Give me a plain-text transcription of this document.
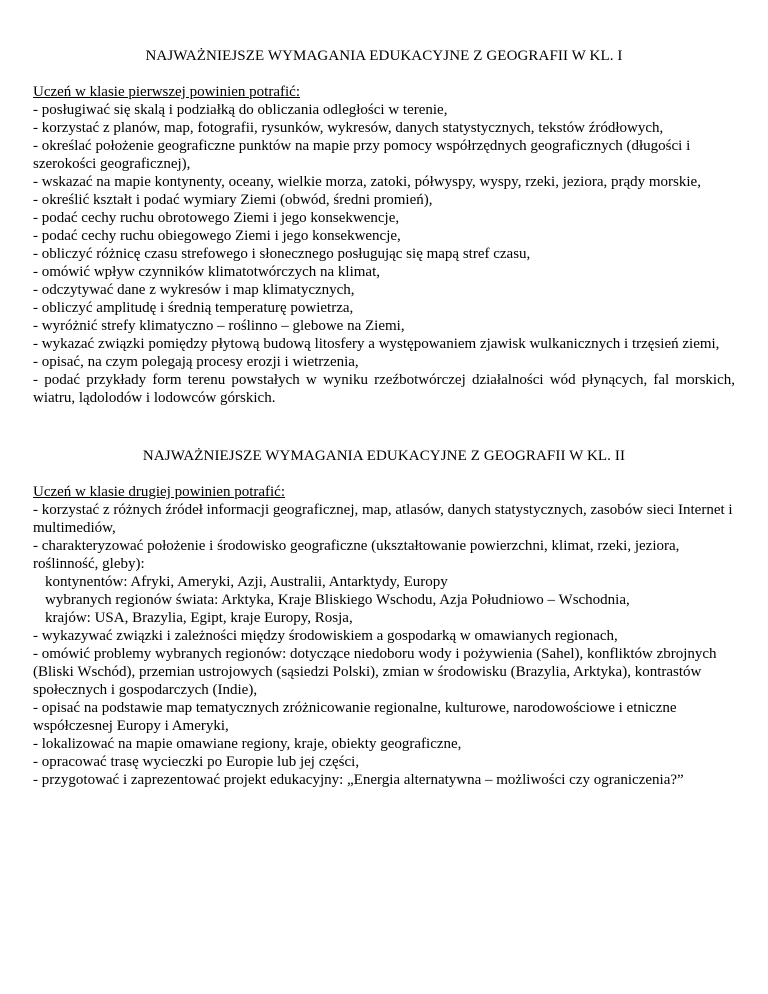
NAJWAŻNIEJSZE WYMAGANIA EDUKACYJNE Z GEOGRAFII W KL. I
Uczeń w klasie pierwszej powinien potrafić:
- posługiwać się skalą i podziałką do obliczania odległości w terenie,
- korzystać z planów, map, fotografii, rysunków, wykresów, danych statystycznych, tekstów źródłowych,
- określać położenie geograficzne punktów na mapie przy pomocy współrzędnych geograficznych (długości i szerokości geograficznej),
- wskazać na mapie kontynenty, oceany, wielkie morza, zatoki, półwyspy, wyspy, rzeki, jeziora, prądy morskie,
- określić kształt i podać wymiary Ziemi (obwód, średni promień),
- podać cechy ruchu obrotowego Ziemi i jego konsekwencje,
- podać cechy ruchu obiegowego Ziemi i jego konsekwencje,
- obliczyć różnicę czasu strefowego i słonecznego posługując się mapą stref czasu,
- omówić wpływ czynników klimatotwórczych na klimat,
- odczytywać dane z wykresów i map klimatycznych,
- obliczyć amplitudę i średnią temperaturę powietrza,
- wyróżnić strefy klimatyczno – roślinno – glebowe na Ziemi,
- wykazać związki pomiędzy płytową budową litosfery a występowaniem zjawisk wulkanicznych i trzęsień ziemi,
- opisać, na czym polegają procesy erozji i wietrzenia,
- podać przykłady form terenu powstałych w wyniku rzeźbotwórczej działalności wód płynących, fal morskich, wiatru, lądolodów i lodowców górskich.
NAJWAŻNIEJSZE WYMAGANIA EDUKACYJNE Z GEOGRAFII W KL. II
Uczeń w klasie drugiej powinien potrafić:
- korzystać z różnych źródeł informacji geograficznej, map, atlasów, danych statystycznych, zasobów sieci Internet i multimediów,
- charakteryzować położenie i środowisko geograficzne (ukształtowanie powierzchni, klimat, rzeki, jeziora, roślinność, gleby):
kontynentów: Afryki, Ameryki, Azji, Australii, Antarktydy, Europy
wybranych regionów świata: Arktyka, Kraje Bliskiego Wschodu, Azja Południowo – Wschodnia,
krajów: USA, Brazylia, Egipt, kraje Europy, Rosja,
- wykazywać związki i zależności między środowiskiem a gospodarką w omawianych regionach,
- omówić problemy wybranych regionów: dotyczące niedoboru wody i pożywienia (Sahel), konfliktów zbrojnych (Bliski Wschód), przemian ustrojowych (sąsiedzi Polski), zmian w środowisku (Brazylia, Arktyka), kontrastów społecznych i gospodarczych (Indie),
- opisać na podstawie map tematycznych zróżnicowanie regionalne, kulturowe, narodowościowe i etniczne współczesnej Europy i Ameryki,
- lokalizować na mapie omawiane regiony, kraje, obiekty geograficzne,
- opracować trasę wycieczki po Europie lub jej części,
- przygotować i zaprezentować projekt edukacyjny: „Energia alternatywna – możliwości czy ograniczenia?”
